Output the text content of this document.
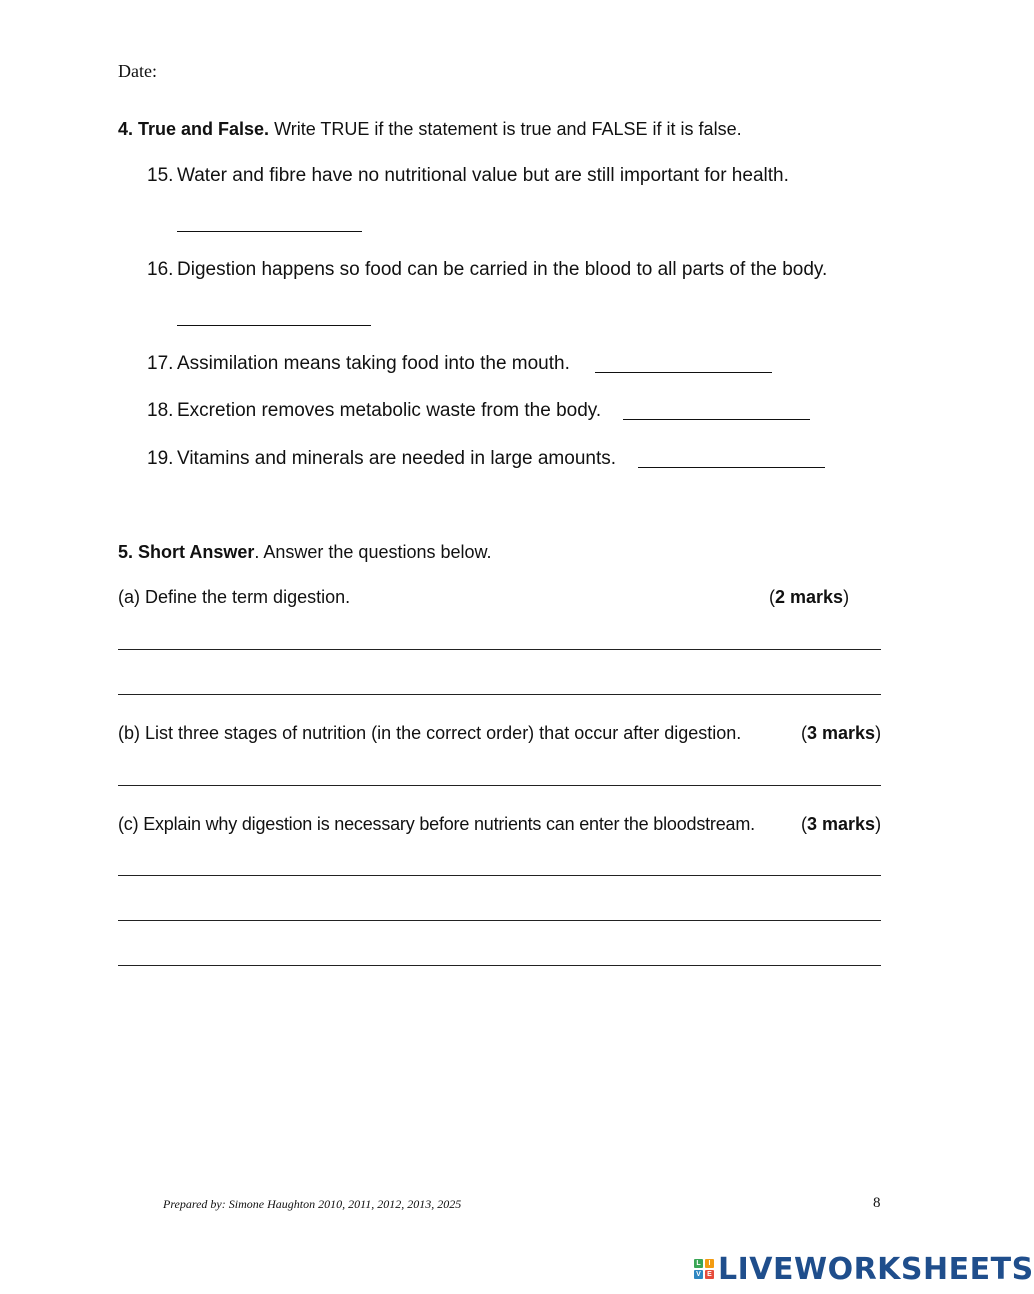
Date:
4. True and False. Write TRUE if the statement is true and FALSE if it is false.
15. Water and fibre have no nutritional value but are still important for health.
16. Digestion happens so food can be carried in the blood to all parts of the body.
17. Assimilation means taking food into the mouth.
18. Excretion removes metabolic waste from the body.
19. Vitamins and minerals are needed in large amounts.
5. Short Answer. Answer the questions below.
(a) Define the term digestion.	(2 marks)
(b) List three stages of nutrition (in the correct order) that occur after digestion.	(3 marks)
(c) Explain why digestion is necessary before nutrients can enter the bloodstream.	(3 marks)
Prepared by: Simone Haughton 2010, 2011, 2012, 2013, 2025	8
L	I
V E LIVEWORKSHEETS
